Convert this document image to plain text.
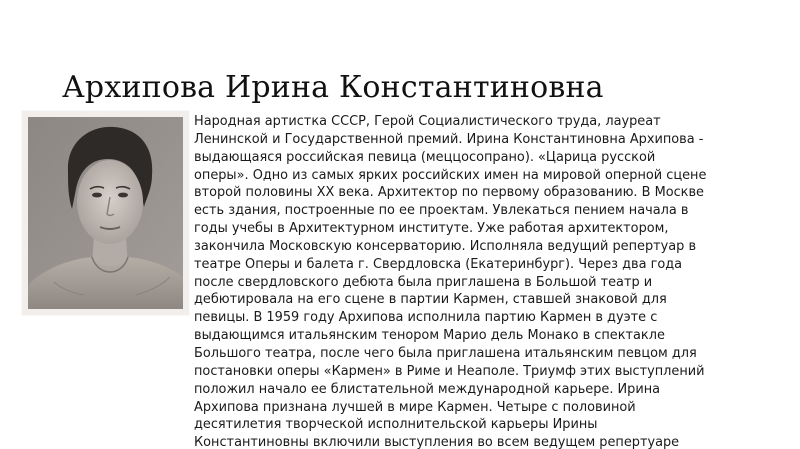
Архипова Ирина Константиновна

Народная артистка СССР, Герой Социалистического труда, лауреат
Ленинской и Государственной премий. Ирина Константиновна Архипова -
выдающаяся российская певица (меццосопрано). «Царица русской
оперы». Одно из самых ярких российских имен на мировой оперной сцене
второй половины XX века. Архитектор по первому образованию. В Москве
есть здания, построенные по ее проектам. Увлекаться пением начала в
годы учебы в Архитектурном институте. Уже работая архитектором,
закончила Московскую консерваторию. Исполняла ведущий репертуар в
театре Оперы и балета г. Свердловска (Екатеринбург). Через два года
после свердловского дебюта была приглашена в Большой театр и
дебютировала на его сцене в партии Кармен, ставшей знаковой для
певицы. В 1959 году Архипова исполнила партию Кармен в дуэте с
выдающимся итальянским тенором Марио дель Монако в спектакле
Большого театра, после чего была приглашена итальянским певцом для
постановки оперы «Кармен» в Риме и Неаполе. Триумф этих выступлений
положил начало ее блистательной международной карьере. Ирина
Архипова признана лучшей в мире Кармен. Четыре с половиной
десятилетия творческой исполнительской карьеры Ирины
Константиновны включили выступления во всем ведущем репертуаре
